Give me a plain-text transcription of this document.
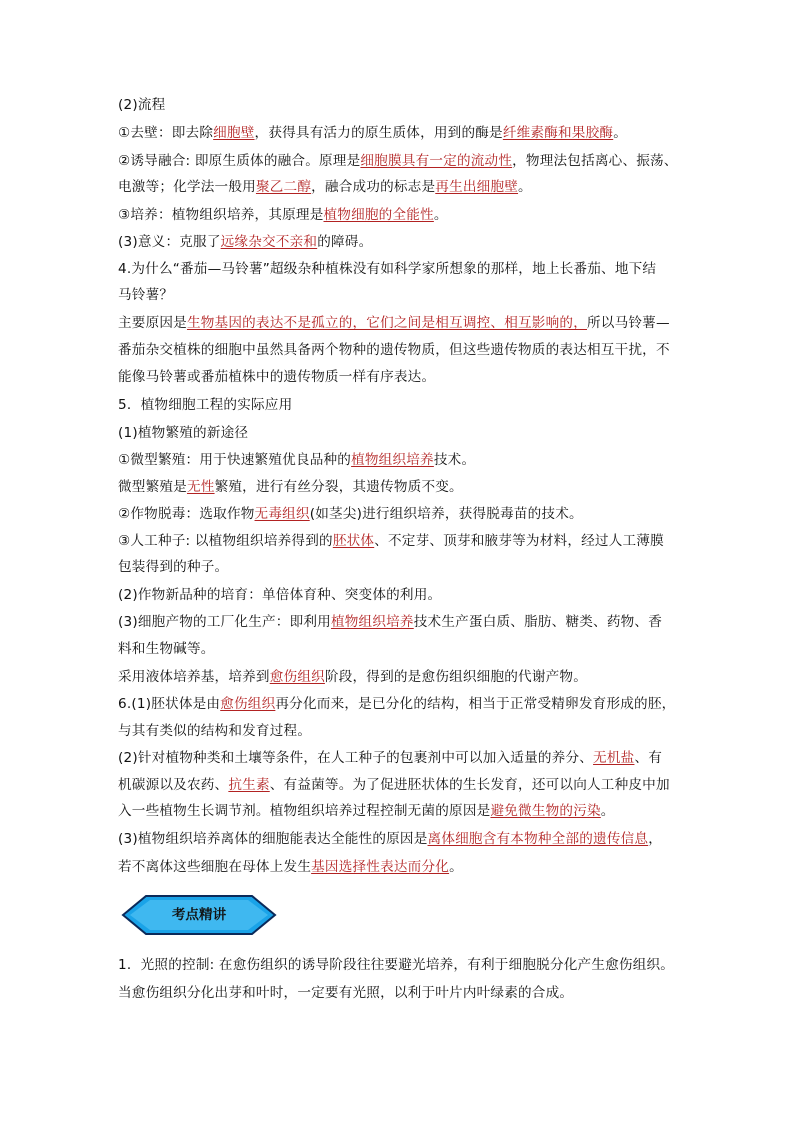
(2)流程
①去壁：即去除细胞壁，获得具有活力的原生质体，用到的酶是纤维素酶和果胶酶。
②诱导融合: 即原生质体的融合。原理是细胞膜具有一定的流动性，物理法包括离心、振荡、
电激等；化学法一般用聚乙二醇，融合成功的标志是再生出细胞壁。
③培养：植物组织培养，其原理是植物细胞的全能性。
(3)意义：克服了远缘杂交不亲和的障碍。
4.为什么“番茄—马铃薯”超级杂种植株没有如科学家所想象的那样，地上长番茄、地下结
马铃薯？
主要原因是生物基因的表达不是孤立的，它们之间是相互调控、相互影响的，所以马铃薯—
番茄杂交植株的细胞中虽然具备两个物种的遗传物质，但这些遗传物质的表达相互干扰，不
能像马铃薯或番茄植株中的遗传物质一样有序表达。
5．植物细胞工程的实际应用
(1)植物繁殖的新途径
①微型繁殖：用于快速繁殖优良品种的植物组织培养技术。
微型繁殖是无性繁殖，进行有丝分裂，其遗传物质不变。
②作物脱毒：选取作物无毒组织(如茎尖)进行组织培养，获得脱毒苗的技术。
③人工种子: 以植物组织培养得到的胚状体、不定芽、顶芽和腋芽等为材料，经过人工薄膜
包装得到的种子。
(2)作物新品种的培育：单倍体育种、突变体的利用。
(3)细胞产物的工厂化生产：即利用植物组织培养技术生产蛋白质、脂肪、糖类、药物、香
料和生物碱等。
采用液体培养基，培养到愈伤组织阶段，得到的是愈伤组织细胞的代谢产物。
6.(1)胚状体是由愈伤组织再分化而来，是已分化的结构，相当于正常受精卵发育形成的胚，
与其有类似的结构和发育过程。
(2)针对植物种类和土壤等条件，在人工种子的包裹剂中可以加入适量的养分、无机盐、有
机碳源以及农药、抗生素、有益菌等。为了促进胚状体的生长发育，还可以向人工种皮中加
入一些植物生长调节剂。植物组织培养过程控制无菌的原因是避免微生物的污染。
(3)植物组织培养离体的细胞能表达全能性的原因是离体细胞含有本物种全部的遗传信息，
若不离体这些细胞在母体上发生基因选择性表达而分化。
1．光照的控制: 在愈伤组织的诱导阶段往往要避光培养，有利于细胞脱分化产生愈伤组织。
当愈伤组织分化出芽和叶时，一定要有光照，以利于叶片内叶绿素的合成。
考点精讲
